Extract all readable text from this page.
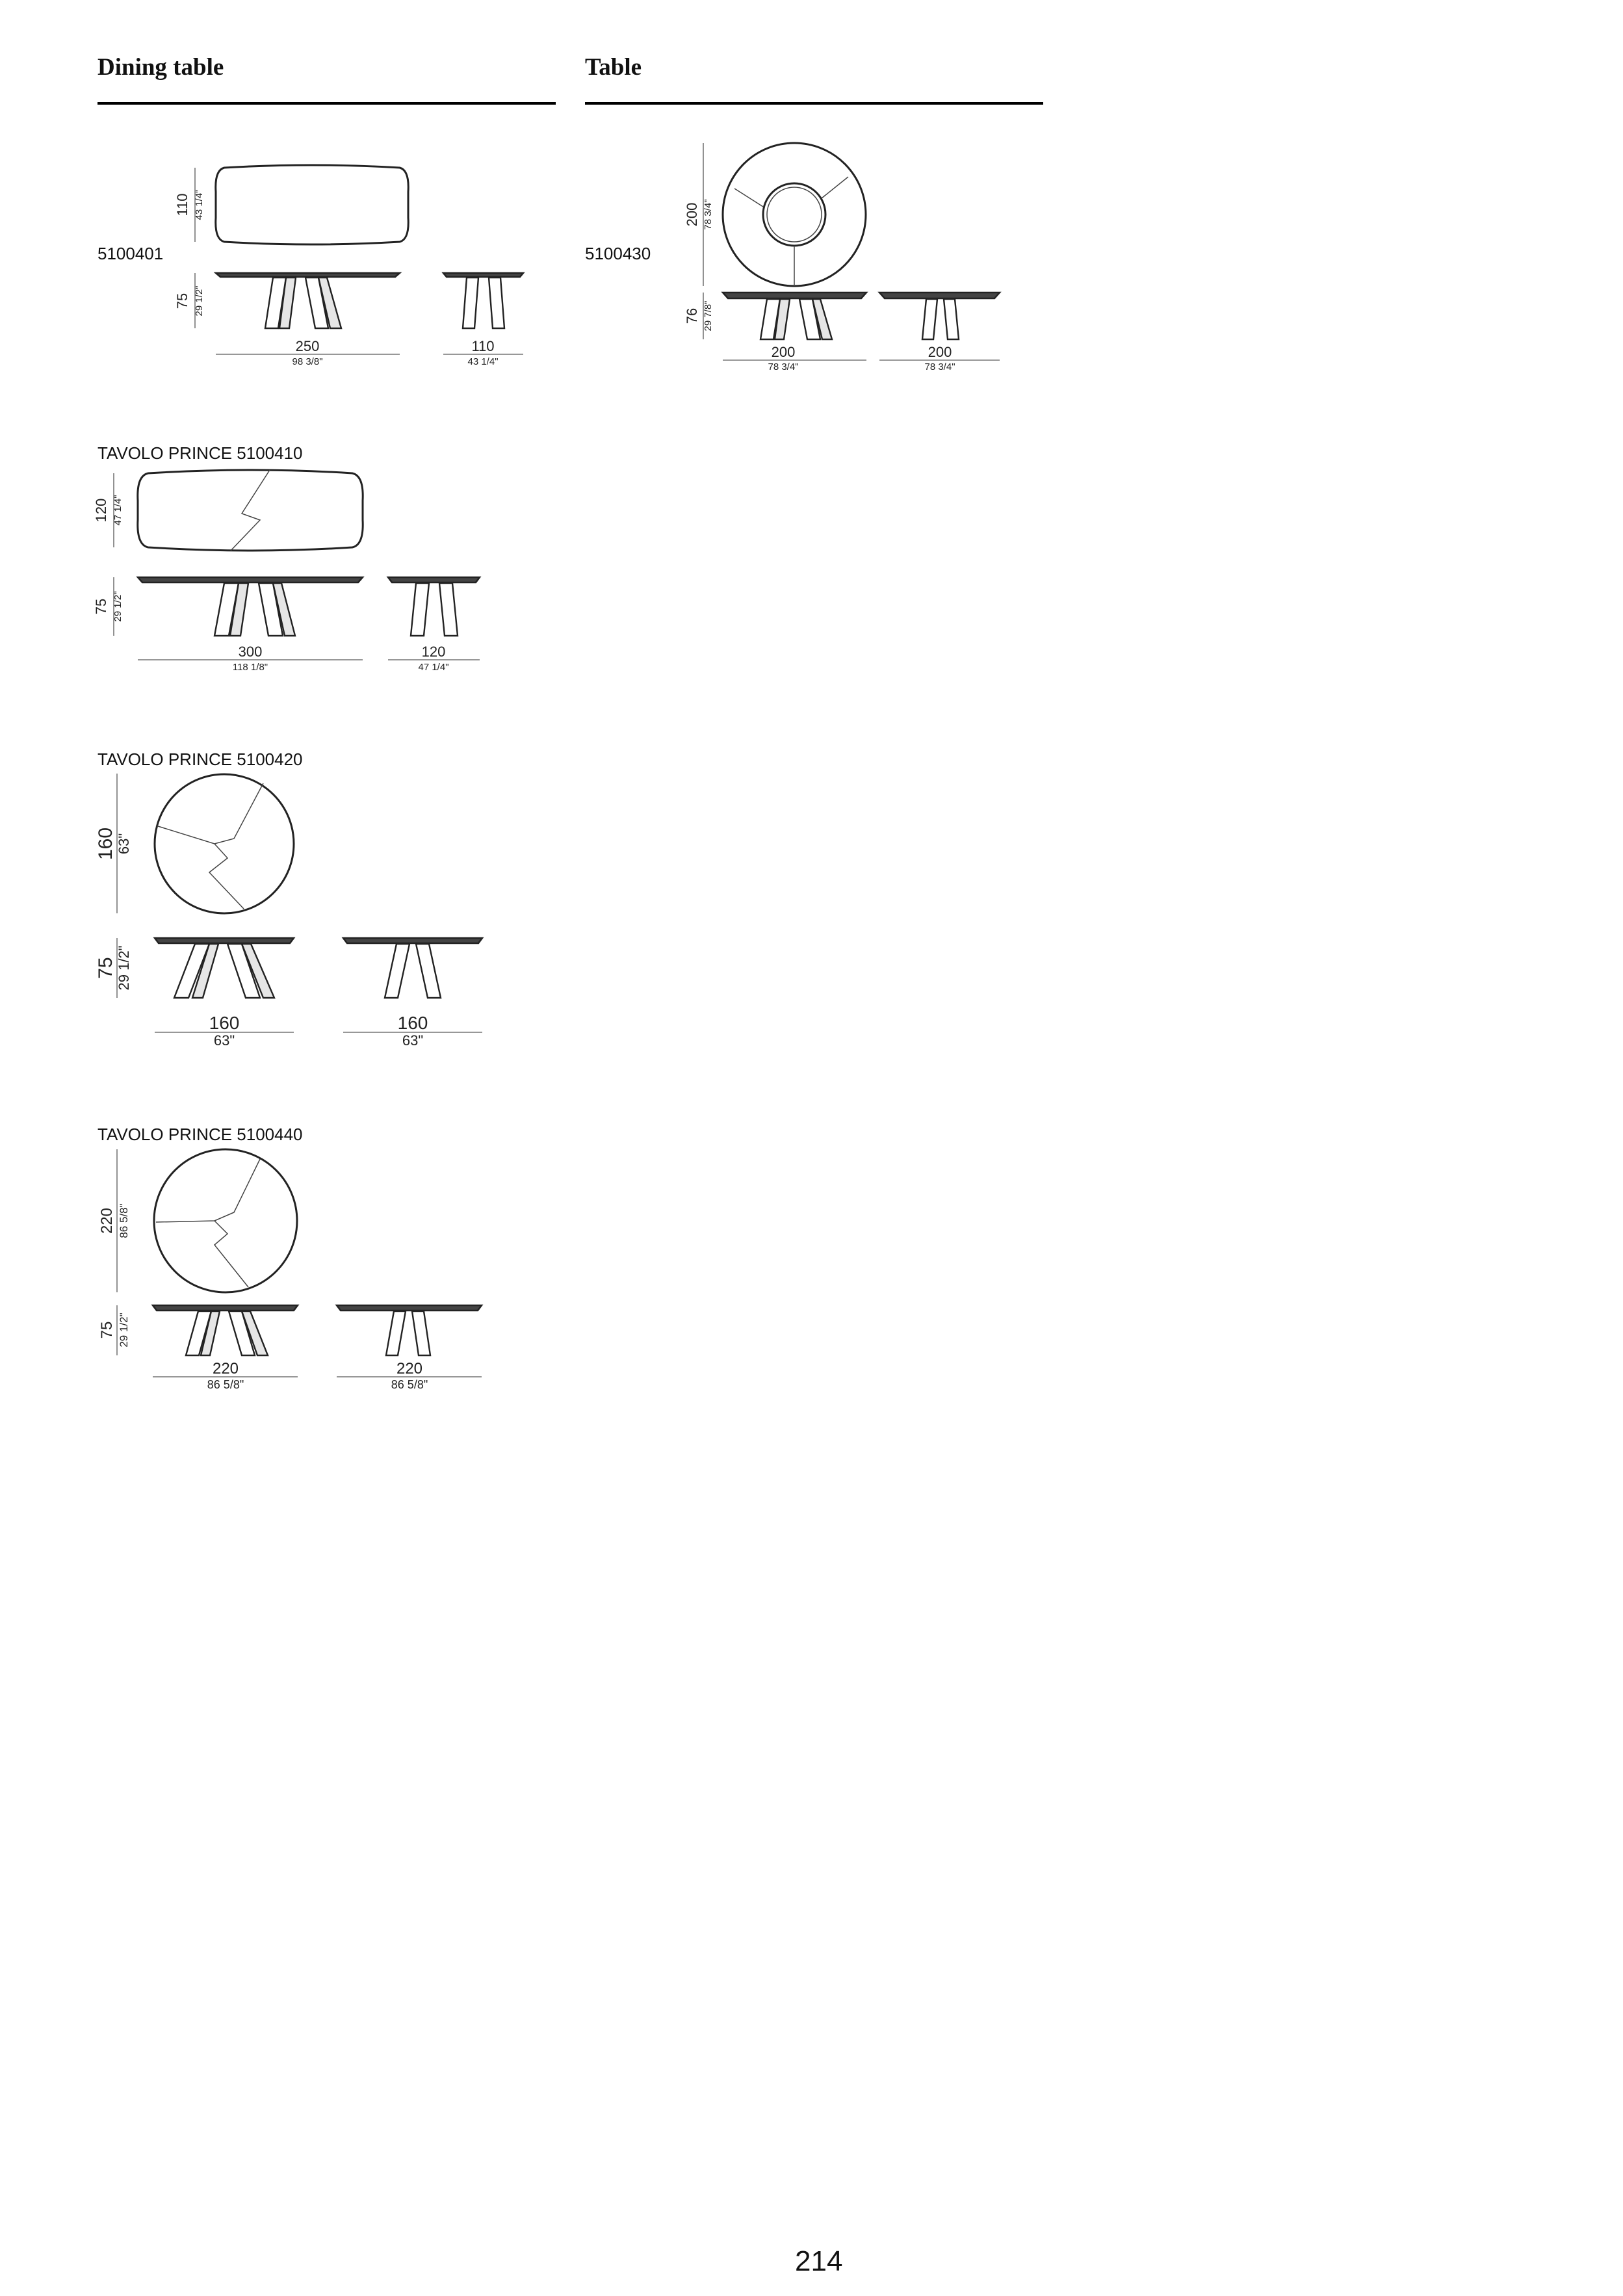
Dining table	Table
5100401	5100430
TAVOLO PRINCE 5100410
TAVOLO PRINCE 5100420
TAVOLO PRINCE 5100440
110 43 1/4"
75 29 1/2"
250
98 3/8"
110
43 1/4"
200 78 3/4"
76 29 7/8"
200
78 3/4"
200
78 3/4"
120 47 1/4"
75 29 1/2"
300
118 1/8"
120
47 1/4"
160 63"
75 29 1/2"
160
63"
160
63"
220 86 5/8"
75 29 1/2"
220
86 5/8"
220
86 5/8"
214
